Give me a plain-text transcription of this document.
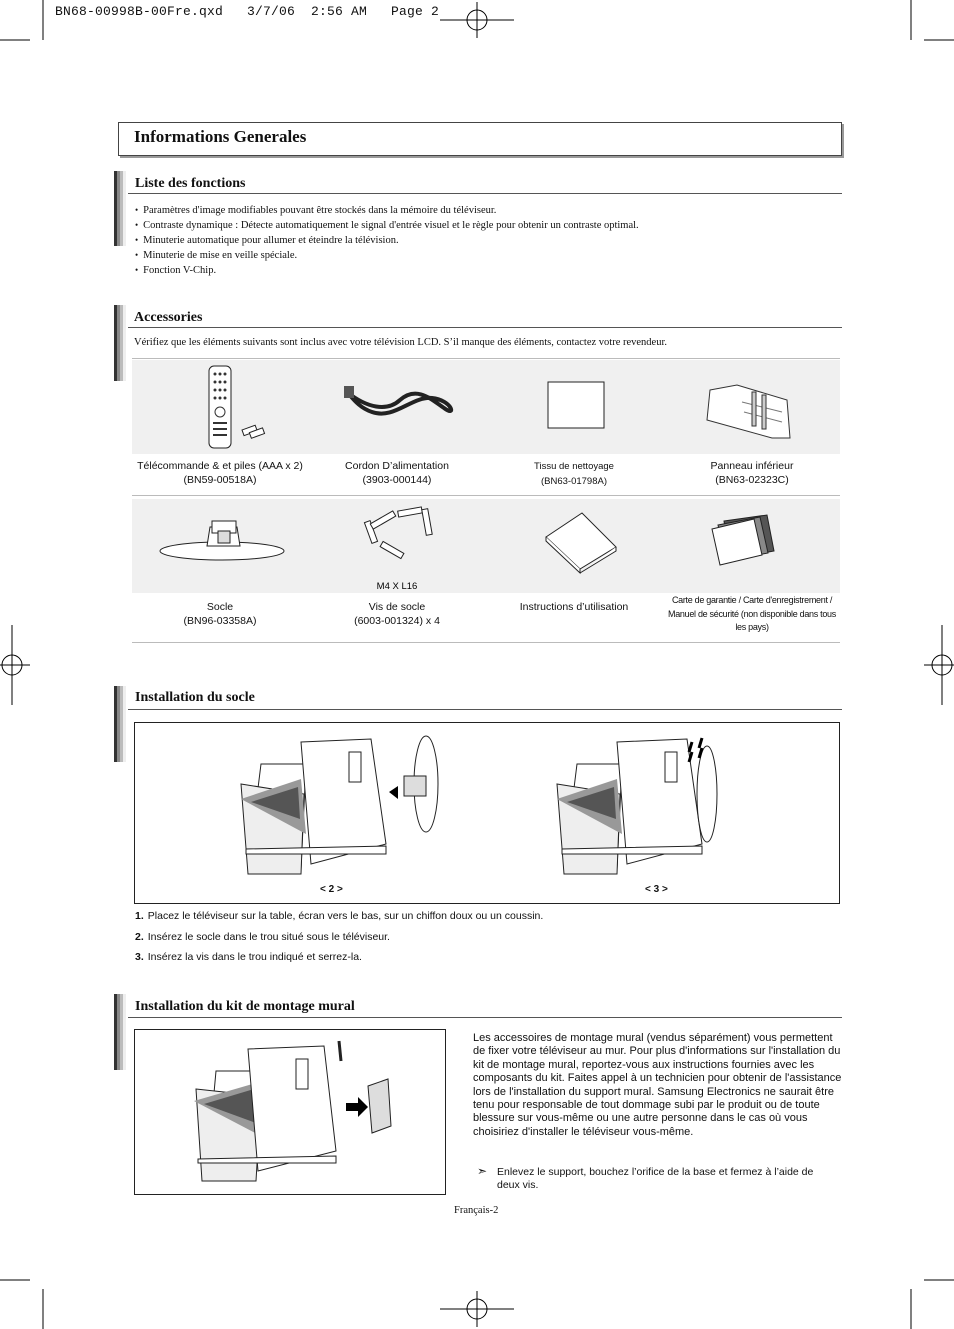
BN68-00998B-00Fre.qxd   3/7/06  2:56 AM   Page 2
Informations Generales
Liste des fonctions
• Paramètres d'image modifiables pouvant être stockés dans la mémoire du téléviseur.
• Contraste dynamique : Détecte automatiquement le signal d'entrée visuel et le règle pour obtenir un contraste optimal.
• Minuterie automatique pour allumer et éteindre la télévision.
• Minuterie de mise en veille spéciale.
• Fonction V-Chip.
Accessories
Vérifiez que les éléments suivants sont inclus avec votre télévision LCD. S’il manque des éléments, contactez votre revendeur.
Télécommande & et piles (AAA x 2)
(BN59-00518A)
Cordon D’alimentation
(3903-000144)
Tissu de nettoyage
(BN63-01798A)
Panneau inférieur
(BN63-02323C)
M4 X L16
Socle
(BN96-03358A)
Vis de socle
(6003-001324) x 4
Instructions d’utilisation
Carte de garantie / Carte d'enregistrement / Manuel de sécurité (non disponible dans tous les pays)
Installation du socle
< 2 >	< 3 >
1. Placez le téléviseur sur la table, écran vers le bas, sur un chiffon doux ou un coussin.
2. Insérez le socle dans le trou situé sous le téléviseur.
3. Insérez la vis dans le trou indiqué et serrez-la.
Installation du kit de montage mural
Les accessoires de montage mural (vendus séparément) vous permettent de fixer votre téléviseur au mur. Pour plus d'informations sur l'installation du kit de montage mural, reportez-vous aux instructions fournies avec les composants du kit. Faites appel à un technicien pour obtenir de l'assistance lors de l'installation du support mural. Samsung Electronics ne saurait être tenu pour responsable de tout dommage subi par le produit ou de toute blessure sur vous-même ou une autre personne dans le cas où vous choisiriez d'installer le téléviseur vous-même.
➣ Enlevez le support, bouchez l’orifice de la base et fermez à l’aide de deux vis.
Français-2
